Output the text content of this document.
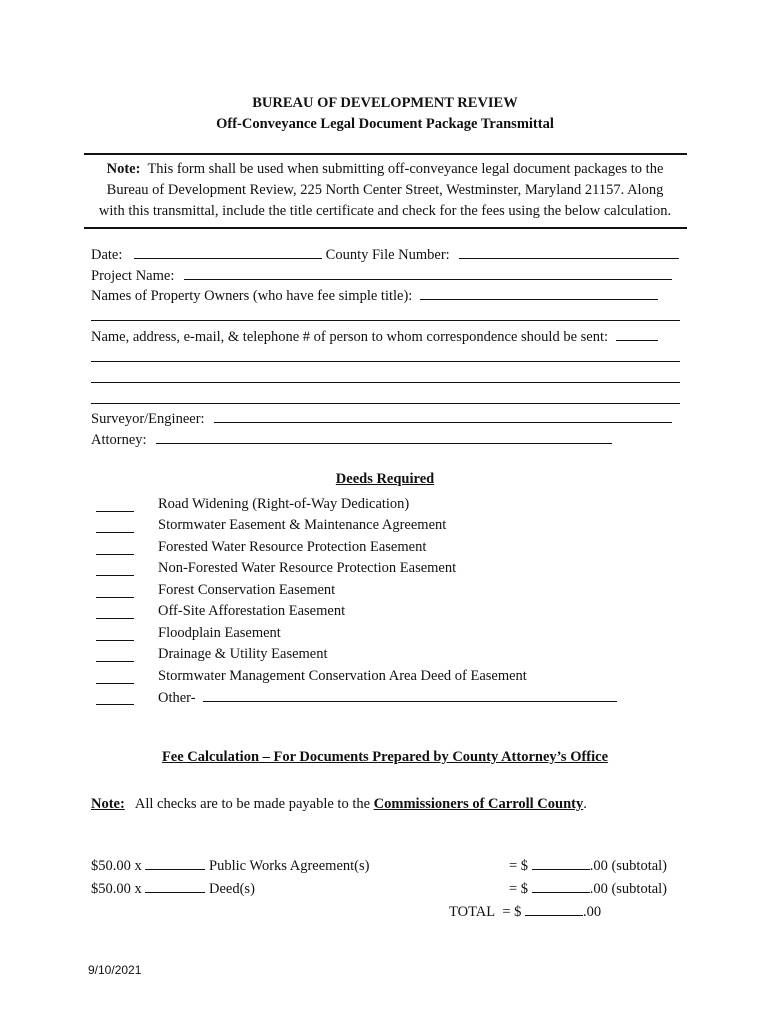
BUREAU OF DEVELOPMENT REVIEW
Off-Conveyance Legal Document Package Transmittal
Note: This form shall be used when submitting off-conveyance legal document packages to the
Bureau of Development Review, 225 North Center Street, Westminster, Maryland 21157. Along
with this transmittal, include the title certificate and check for the fees using the below calculation.
Date:	County File Number:
Project Name:
Names of Property Owners (who have fee simple title):
Name, address, e-mail, & telephone # of person to whom correspondence should be sent:
Surveyor/Engineer:
Attorney:
Deeds Required
Road Widening (Right-of-Way Dedication)
Stormwater Easement & Maintenance Agreement
Forested Water Resource Protection Easement
Non-Forested Water Resource Protection Easement
Forest Conservation Easement
Off-Site Afforestation Easement
Floodplain Easement
Drainage & Utility Easement
Stormwater Management Conservation Area Deed of Easement
Other-
Fee Calculation – For Documents Prepared by County Attorney’s Office
Note: All checks are to be made payable to the Commissioners of Carroll County.
$50.00 x	Public Works Agreement(s)	= $	.00 (subtotal)
$50.00 x	Deed(s)	= $	.00 (subtotal)
TOTAL = $	.00
9/10/2021
